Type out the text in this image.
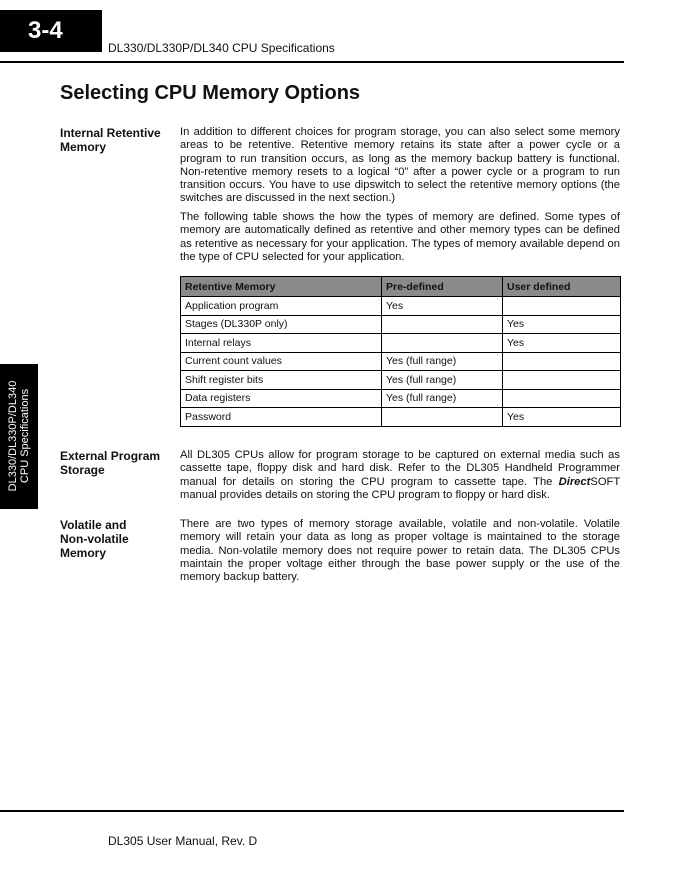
3-4
DL330/DL330P/DL340 CPU Specifications
Selecting CPU Memory Options
DL330/DL330P/DL340 CPU Specifications
Internal Retentive
Memory

In addition to different choices for program storage, you can also select some memory areas to be retentive. Retentive memory retains its state after a power cycle or a program to run transition occurs, as long as the memory backup battery is functional. Non-retentive memory resets to a logical “0” after a power cycle or a program to run transition occurs. You have to use dipswitch to select the retentive memory options (the switches are discussed in the next section.)

The following table shows the how the types of memory are defined. Some types of memory are automatically defined as retentive and other memory types can be defined as retentive as necessary for your application. The types of memory available depend on the type of CPU selected for your application.

Retentive Memory	Pre-defined	User defined
Application program	Yes	
Stages (DL330P only)		Yes
Internal relays		Yes
Current count values	Yes (full range)	
Shift register bits	Yes (full range)	
Data registers	Yes (full range)	
Password		Yes
External Program
Storage

All DL305 CPUs allow for program storage to be captured on external media such as cassette tape, floppy disk and hard disk. Refer to the DL305 Handheld Programmer manual for details on storing the CPU program to cassette tape. The DirectSOFT manual provides details on storing the CPU program to floppy or hard disk.

Volatile and
Non-volatile
Memory

There are two types of memory storage available, volatile and non-volatile. Volatile memory will retain your data as long as proper voltage is maintained to the storage media. Non-volatile memory does not require power to retain data. The DL305 CPUs maintain the proper voltage either through the base power supply or the use of the memory backup battery.

DL305 User Manual, Rev. D
